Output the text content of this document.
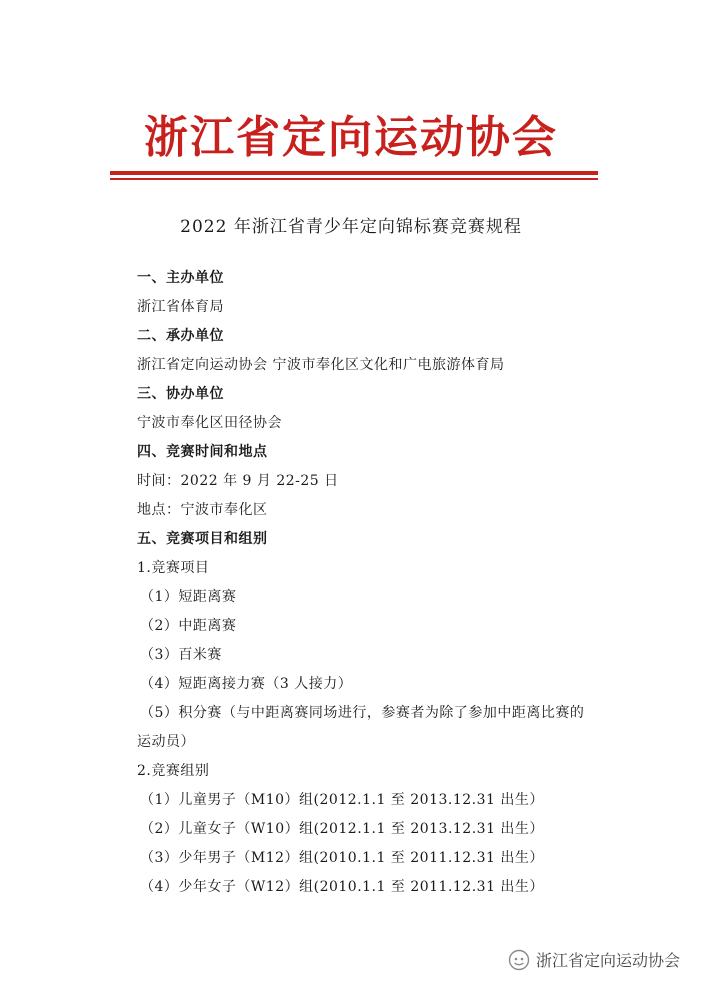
浙江省定向运动协会
2022 年浙江省青少年定向锦标赛竞赛规程
一、主办单位
浙江省体育局
二、承办单位
浙江省定向运动协会 宁波市奉化区文化和广电旅游体育局
三、协办单位
宁波市奉化区田径协会
四、竞赛时间和地点
时间：2022 年 9 月 22-25 日
地点：宁波市奉化区
五、竞赛项目和组别
1.竞赛项目
（1）短距离赛
（2）中距离赛
（3）百米赛
（4）短距离接力赛（3 人接力）
（5）积分赛（与中距离赛同场进行，参赛者为除了参加中距离比赛的
运动员）
2.竞赛组别
（1）儿童男子（M10）组(2012.1.1 至 2013.12.31 出生）
（2）儿童女子（W10）组(2012.1.1 至 2013.12.31 出生）
（3）少年男子（M12）组(2010.1.1 至 2011.12.31 出生）
（4）少年女子（W12）组(2010.1.1 至 2011.12.31 出生）
浙江省定向运动协会
